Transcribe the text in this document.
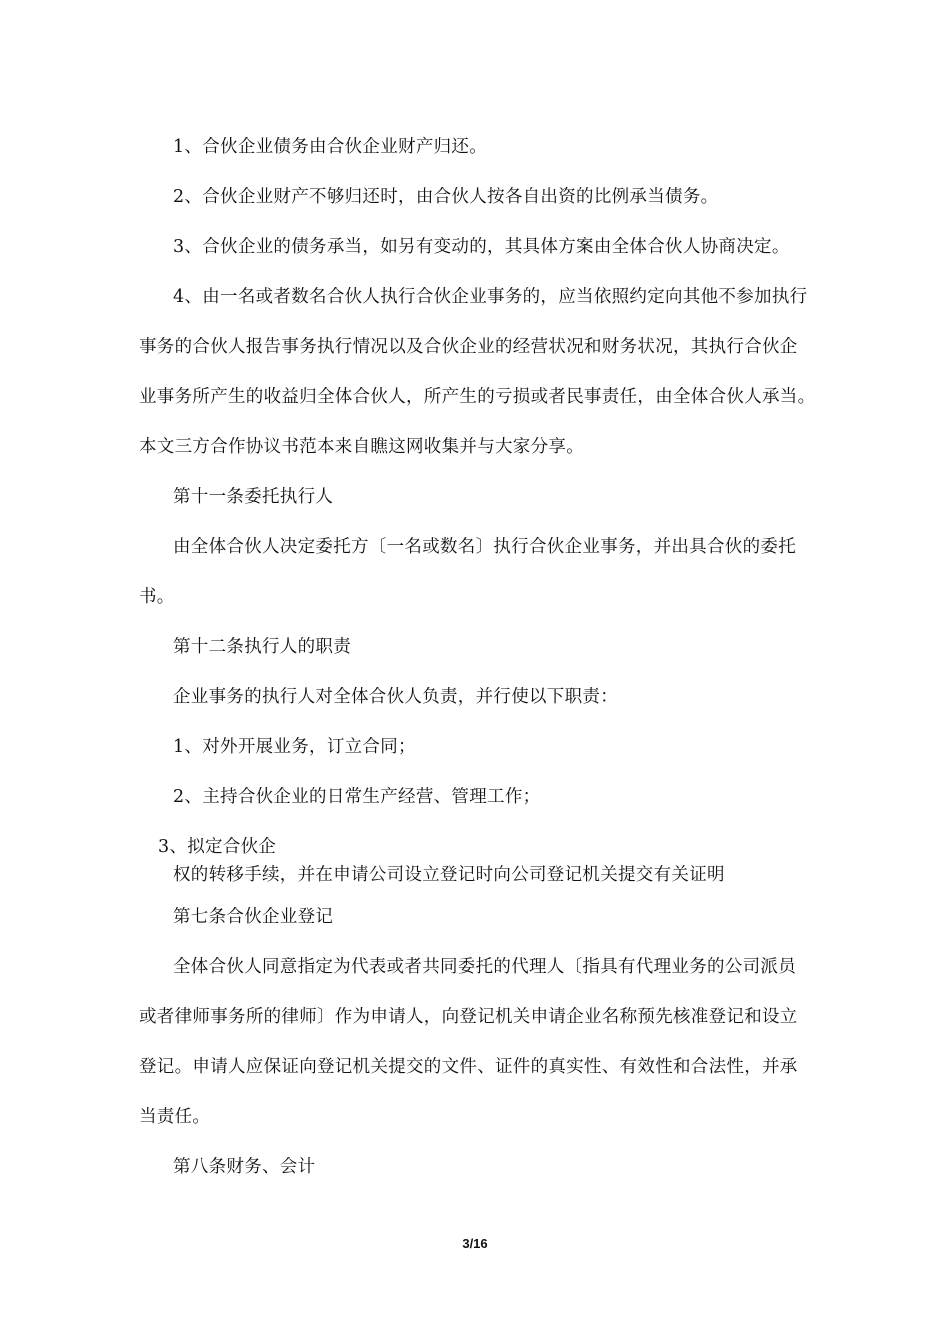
1、合伙企业债务由合伙企业财产归还。
2、合伙企业财产不够归还时，由合伙人按各自出资的比例承当债务。
3、合伙企业的债务承当，如另有变动的，其具体方案由全体合伙人协商决定。
4、由一名或者数名合伙人执行合伙企业事务的，应当依照约定向其他不参加执行
事务的合伙人报告事务执行情况以及合伙企业的经营状况和财务状况，其执行合伙企
业事务所产生的收益归全体合伙人，所产生的亏损或者民事责任，由全体合伙人承当。
本文三方合作协议书范本来自瞧这网收集并与大家分享。
第十一条委托执行人
由全体合伙人决定委托方〔一名或数名〕执行合伙企业事务，并出具合伙的委托
书。
第十二条执行人的职责
企业事务的执行人对全体合伙人负责，并行使以下职责：
1、对外开展业务，订立合同；
2、主持合伙企业的日常生产经营、管理工作；
3、拟定合伙企
权的转移手续，并在申请公司设立登记时向公司登记机关提交有关证明
第七条合伙企业登记
全体合伙人同意指定为代表或者共同委托的代理人〔指具有代理业务的公司派员
或者律师事务所的律师〕作为申请人，向登记机关申请企业名称预先核准登记和设立
登记。申请人应保证向登记机关提交的文件、证件的真实性、有效性和合法性，并承
当责任。
第八条财务、会计
3/16
